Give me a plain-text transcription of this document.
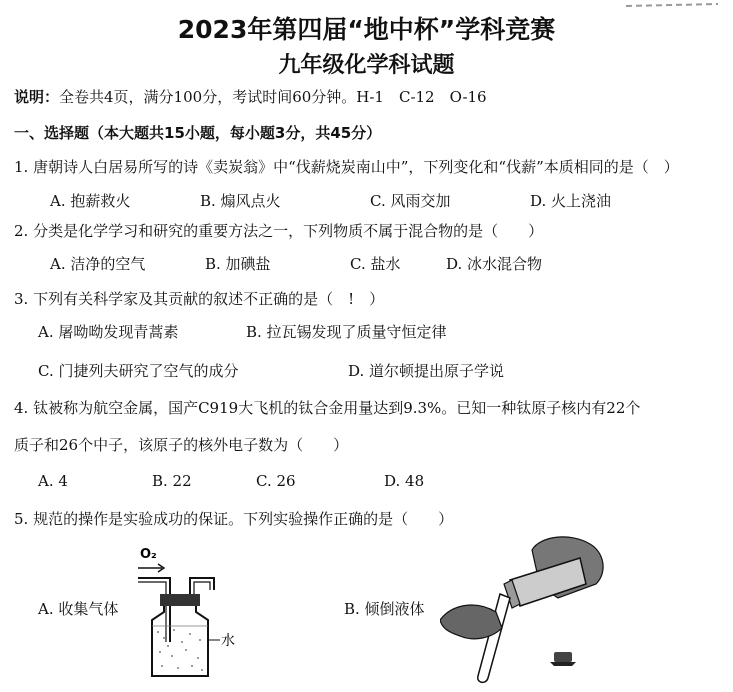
2023年第四届“地中杯”学科竞赛
九年级化学科试题
说明：全卷共4页，满分100分，考试时间60分钟。H-1　C-12　O-16
一、选择题（本大题共15小题，每小题3分，共45分）
1. 唐朝诗人白居易所写的诗《卖炭翁》中“伐薪烧炭南山中”，下列变化和“伐薪”本质相同的是（　）
A. 抱薪救火	B. 煽风点火	C. 风雨交加	D. 火上浇油
2. 分类是化学学习和研究的重要方法之一，下列物质不属于混合物的是（　　）
A. 洁净的空气	B. 加碘盐	C. 盐水	D. 冰水混合物
3. 下列有关科学家及其贡献的叙述不正确的是（　!　）
A. 屠呦呦发现青蒿素	B. 拉瓦锡发现了质量守恒定律
C. 门捷列夫研究了空气的成分	D. 道尔顿提出原子学说
4. 钛被称为航空金属，国产C919大飞机的钛合金用量达到9.3%。已知一种钛原子核内有22个
质子和26个中子，该原子的核外电子数为（　　）
A. 4	B. 22	C. 26	D. 48
5. 规范的操作是实验成功的保证。下列实验操作正确的是（　　）
A. 收集气体	B. 倾倒液体
O₂
水
